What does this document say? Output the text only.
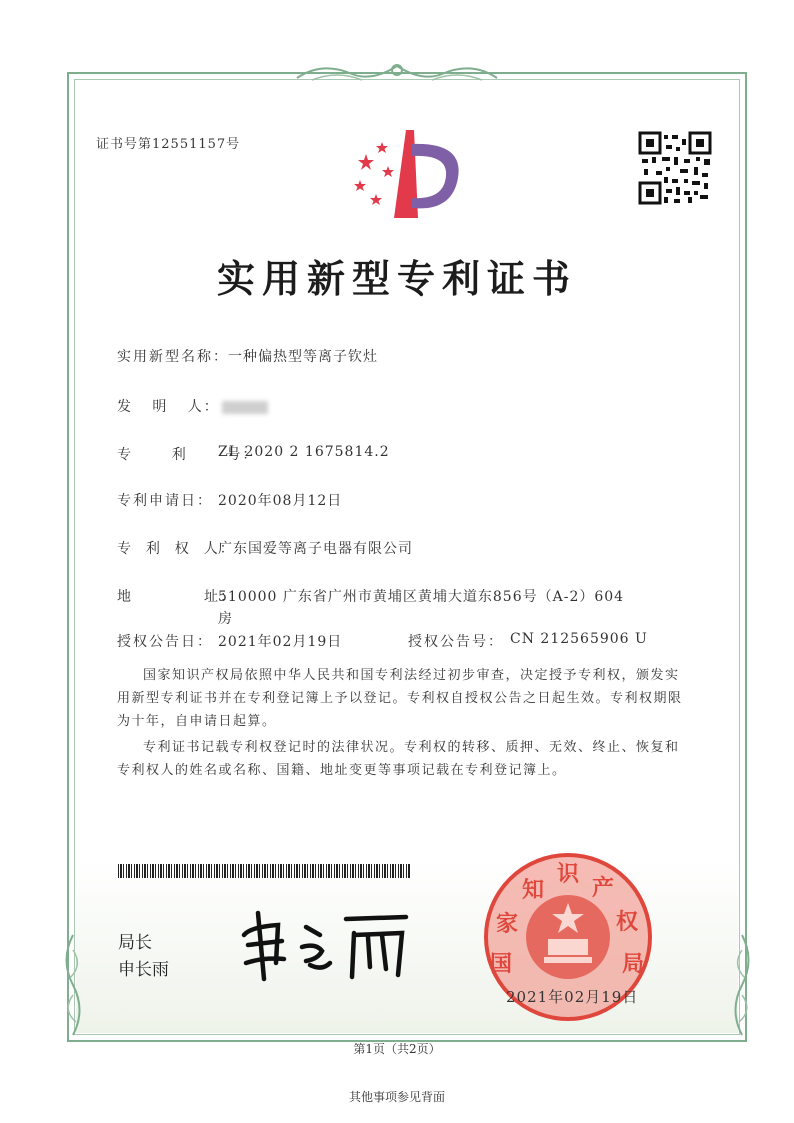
证书号第12551157号
实用新型专利证书
实用新型名称： 一种偏热型等离子钦灶
发   明   人：
专      利      号：
ZL 2020 2 1675814.2
专利申请日： 2020年08月12日
专  利  权  人：
广东国爱等离子电器有限公司
地           址：
510000 广东省广州市黄埔区黄埔大道东856号（A-2）604
房
授权公告日： 2021年02月19日	授权公告号： CN 212565906 U
国家知识产权局依照中华人民共和国专利法经过初步审查，决定授予专利权，颁发实用新型专利证书并在专利登记簿上予以登记。专利权自授权公告之日起生效。专利权期限为十年，自申请日起算。
专利证书记载专利权登记时的法律状况。专利权的转移、质押、无效、终止、恢复和专利权人的姓名或名称、国籍、地址变更等事项记载在专利登记簿上。
局长
申长雨	国
家
知
识
产
权
局
2021年02月19日
第1页（共2页）
其他事项参见背面
